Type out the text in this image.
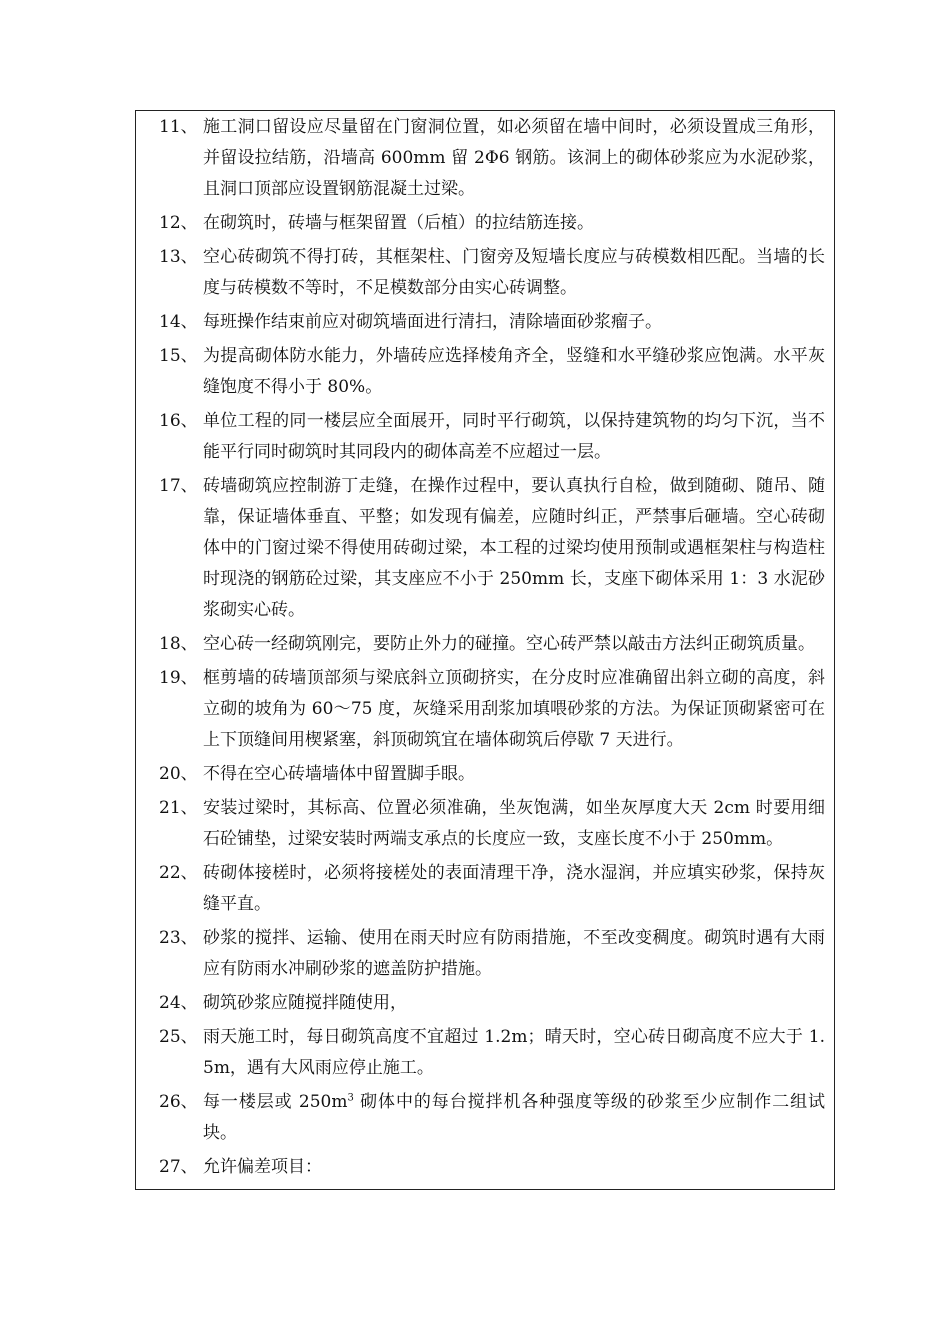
11、 施工洞口留设应尽量留在门窗洞位置，如必须留在墙中间时，必须设置成三角形，并留设拉结筋，沿墙高 600mm 留 2Φ6 钢筋。该洞上的砌体砂浆应为水泥砂浆，且洞口顶部应设置钢筋混凝土过梁。
12、 在砌筑时，砖墙与框架留置（后植）的拉结筋连接。
13、 空心砖砌筑不得打砖，其框架柱、门窗旁及短墙长度应与砖模数相匹配。当墙的长度与砖模数不等时，不足模数部分由实心砖调整。
14、 每班操作结束前应对砌筑墙面进行清扫，清除墙面砂浆瘤子。
15、 为提高砌体防水能力，外墙砖应选择棱角齐全，竖缝和水平缝砂浆应饱满。水平灰缝饱度不得小于 80%。
16、 单位工程的同一楼层应全面展开，同时平行砌筑，以保持建筑物的均匀下沉，当不能平行同时砌筑时其同段内的砌体高差不应超过一层。
17、 砖墙砌筑应控制游丁走缝，在操作过程中，要认真执行自检，做到随砌、随吊、随靠，保证墙体垂直、平整；如发现有偏差，应随时纠正，严禁事后砸墙。空心砖砌体中的门窗过梁不得使用砖砌过梁，本工程的过梁均使用预制或遇框架柱与构造柱时现浇的钢筋砼过梁，其支座应不小于 250mm 长，支座下砌体采用 1：3 水泥砂浆砌实心砖。
18、 空心砖一经砌筑刚完，要防止外力的碰撞。空心砖严禁以敲击方法纠正砌筑质量。
19、 框剪墙的砖墙顶部须与梁底斜立顶砌挤实，在分皮时应准确留出斜立砌的高度，斜立砌的坡角为 60～75 度，灰缝采用刮浆加填喂砂浆的方法。为保证顶砌紧密可在上下顶缝间用楔紧塞，斜顶砌筑宜在墙体砌筑后停歇 7 天进行。
20、 不得在空心砖墙墙体中留置脚手眼。
21、 安装过梁时，其标高、位置必须准确，坐灰饱满，如坐灰厚度大天 2cm 时要用细石砼铺垫，过梁安装时两端支承点的长度应一致，支座长度不小于 250mm。
22、 砖砌体接槎时，必须将接槎处的表面清理干净，浇水湿润，并应填实砂浆，保持灰缝平直。
23、 砂浆的搅拌、运输、使用在雨天时应有防雨措施，不至改变稠度。砌筑时遇有大雨应有防雨水冲刷砂浆的遮盖防护措施。
24、 砌筑砂浆应随搅拌随使用，
25、 雨天施工时，每日砌筑高度不宜超过 1.2m；晴天时，空心砖日砌高度不应大于 1.5m，遇有大风雨应停止施工。
26、 每一楼层或 $250m^3$ 砌体中的每台搅拌机各种强度等级的砂浆至少应制作二组试块。
27、 允许偏差项目：
